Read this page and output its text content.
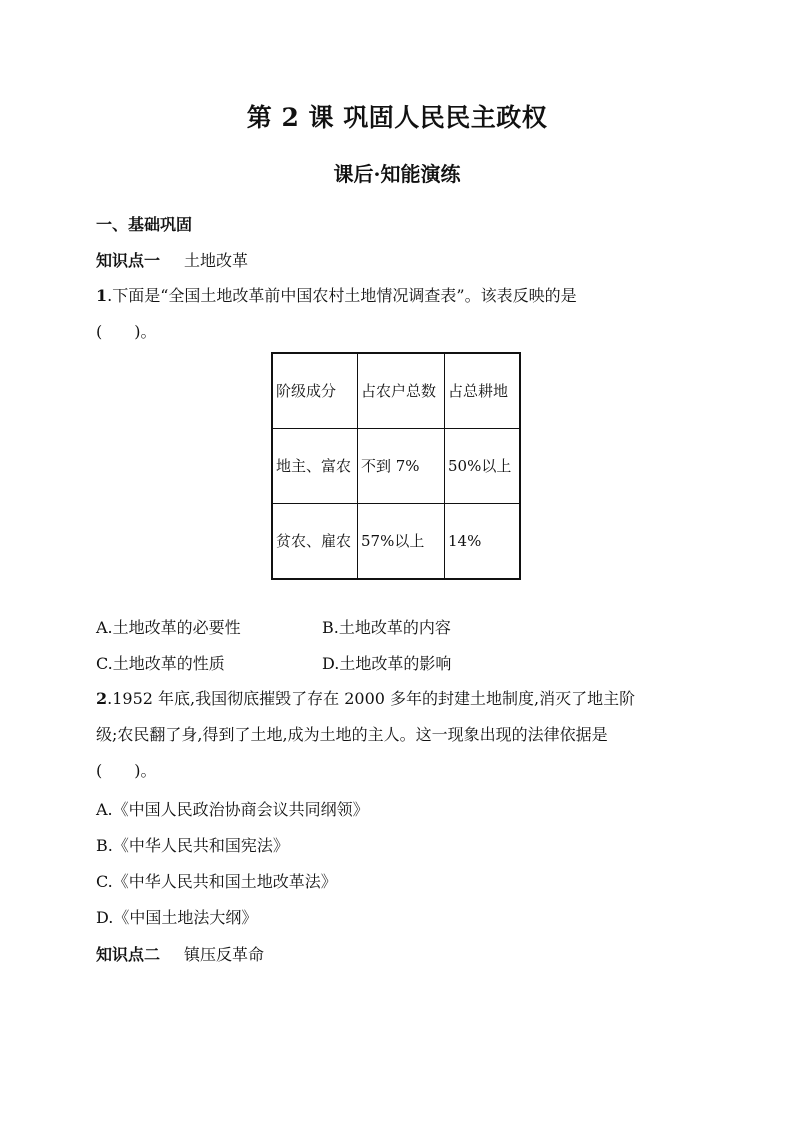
第 2 课 巩固人民民主政权
课后·知能演练
一、基础巩固
知识点一 土地改革
1.下面是“全国土地改革前中国农村土地情况调查表”。该表反映的是
(　　)。
阶级成分	占农户总数	占总耕地
地主、富农	不到 7%	50%以上
贫农、雇农	57%以上	14%
A.土地改革的必要性	B.土地改革的内容
C.土地改革的性质	D.土地改革的影响
2.1952 年底,我国彻底摧毁了存在 2000 多年的封建土地制度,消灭了地主阶
级;农民翻了身,得到了土地,成为土地的主人。这一现象出现的法律依据是
(　　)。
A.《中国人民政治协商会议共同纲领》
B.《中华人民共和国宪法》
C.《中华人民共和国土地改革法》
D.《中国土地法大纲》
知识点二 镇压反革命
